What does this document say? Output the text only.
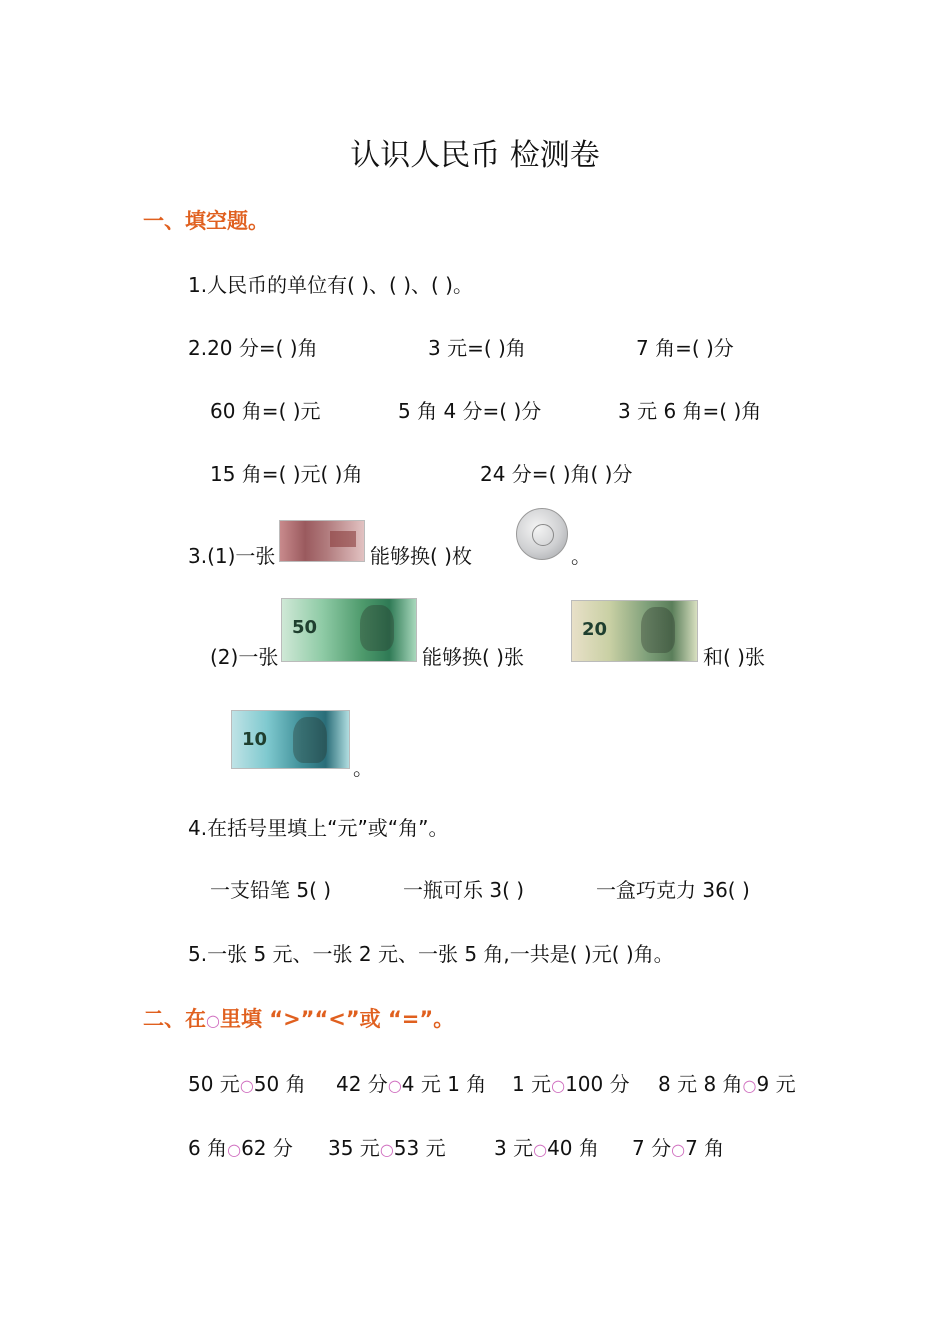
认识人民币 检测卷
一、填空题。
1.人民币的单位有( )、( )、( )。
2.20 分=( )角	3 元=( )角	7 角=( )分
60 角=( )元	5 角 4 分=( )分	3 元 6 角=( )角
15 角=( )元( )角	24 分=( )角( )分
3.(1)一张	能够换( )枚	。
(2)一张
50
能够换( )张
20
和( )张
10
。
4.在括号里填上“元”或“角”。
一支铅笔 5( )	一瓶可乐 3( )	一盒巧克力 36( )
5.一张 5 元、一张 2 元、一张 5 角,一共是( )元( )角。
二、在○里填 “>”“<”或 “=”。
50 元○50 角 42 分○4 元 1 角 1 元○100 分 8 元 8 角○9 元
6 角○62 分 35 元○53 元 3 元○40 角 7 分○7 角
